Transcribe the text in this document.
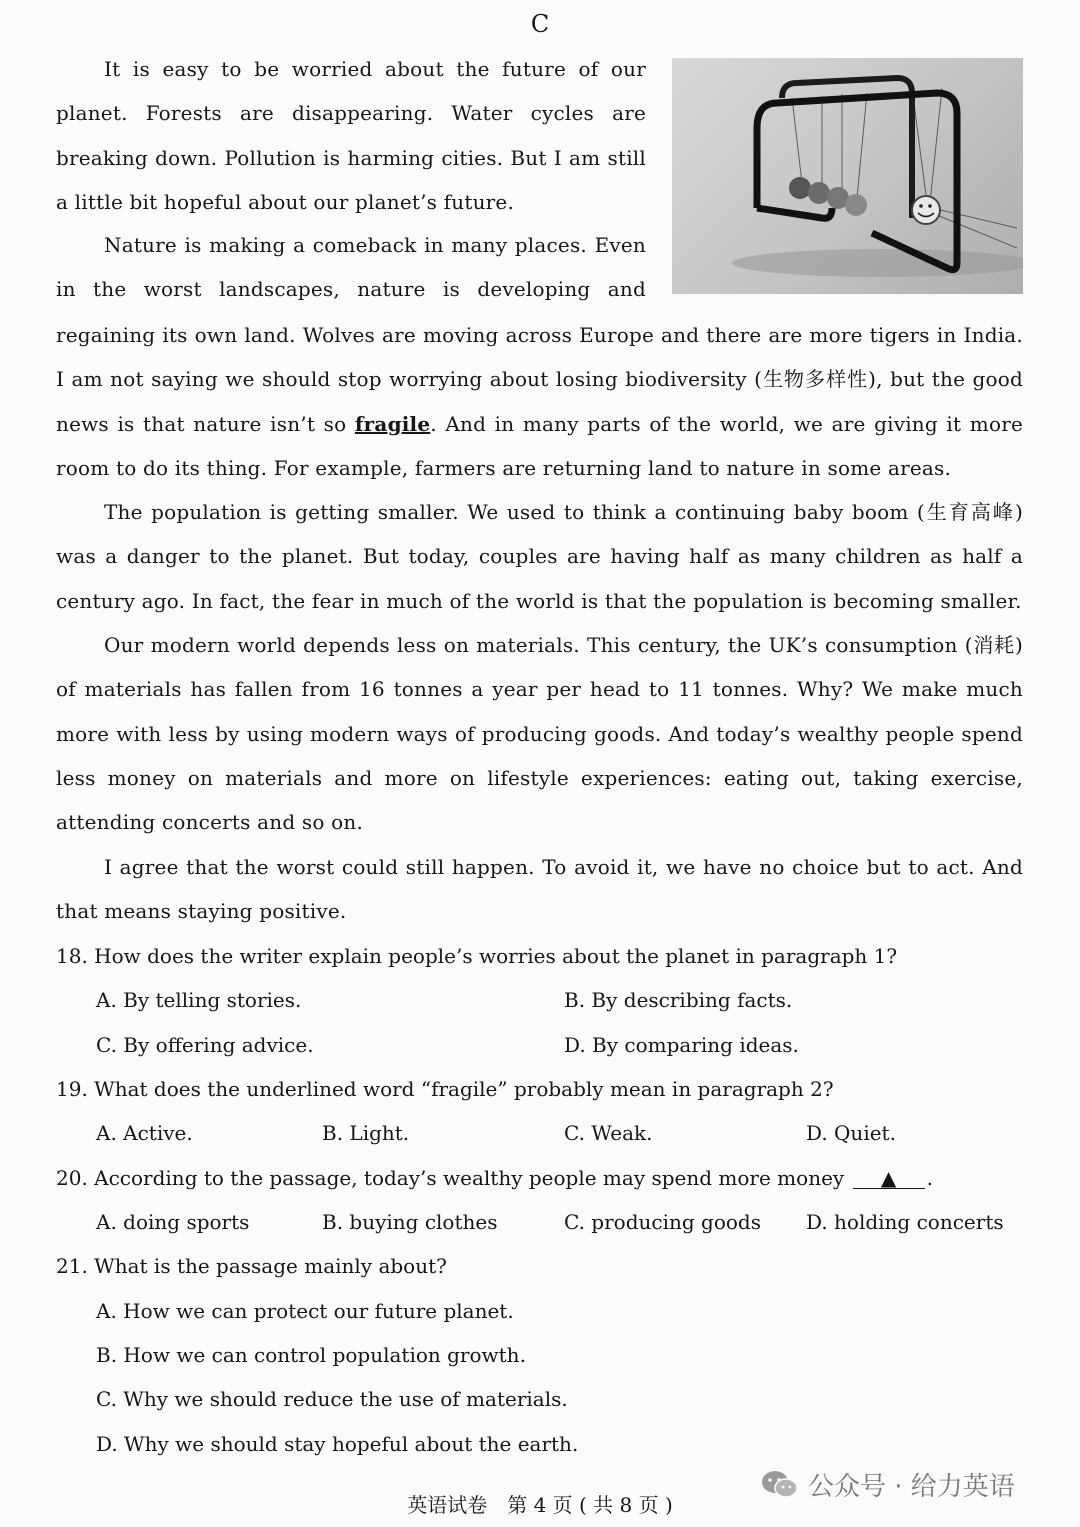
C

It is easy to be worried about the future of our planet. Forests are disappearing. Water cycles are breaking down. Pollution is harming cities. But I am still a little bit hopeful about our planet’s future.

Nature is making a comeback in many places. Even in the worst landscapes, nature is developing and

regaining its own land. Wolves are moving across Europe and there are more tigers in India. I am not saying we should stop worrying about losing biodiversity (生物多样性), but the good news is that nature isn’t so fragile. And in many parts of the world, we are giving it more room to do its thing. For example, farmers are returning land to nature in some areas.

The population is getting smaller. We used to think a continuing baby boom (生育高峰) was a danger to the planet. But today, couples are having half as many children as half a century ago. In fact, the fear in much of the world is that the population is becoming smaller.

Our modern world depends less on materials. This century, the UK’s consumption (消耗) of materials has fallen from 16 tonnes a year per head to 11 tonnes. Why? We make much more with less by using modern ways of producing goods. And today’s wealthy people spend less money on materials and more on lifestyle experiences: eating out, taking exercise, attending concerts and so on.

I agree that the worst could still happen. To avoid it, we have no choice but to act. And that means staying positive.

18. How does the writer explain people’s worries about the planet in paragraph 1?
A. By telling stories.	B. By describing facts.
C. By offering advice.	D. By comparing ideas.
19. What does the underlined word “fragile” probably mean in paragraph 2?
A. Active.	B. Light.	C. Weak.	D. Quiet.
20. According to the passage, today’s wealthy people may spend more money ▲ .
A. doing sports	B. buying clothes	C. producing goods D. holding concerts
21. What is the passage mainly about?
A. How we can protect our future planet.
B. How we can control population growth.
C. Why we should reduce the use of materials.
D. Why we should stay hopeful about the earth.
公众号 · 给力英语
英语试卷　第 4 页 ( 共 8 页 )
